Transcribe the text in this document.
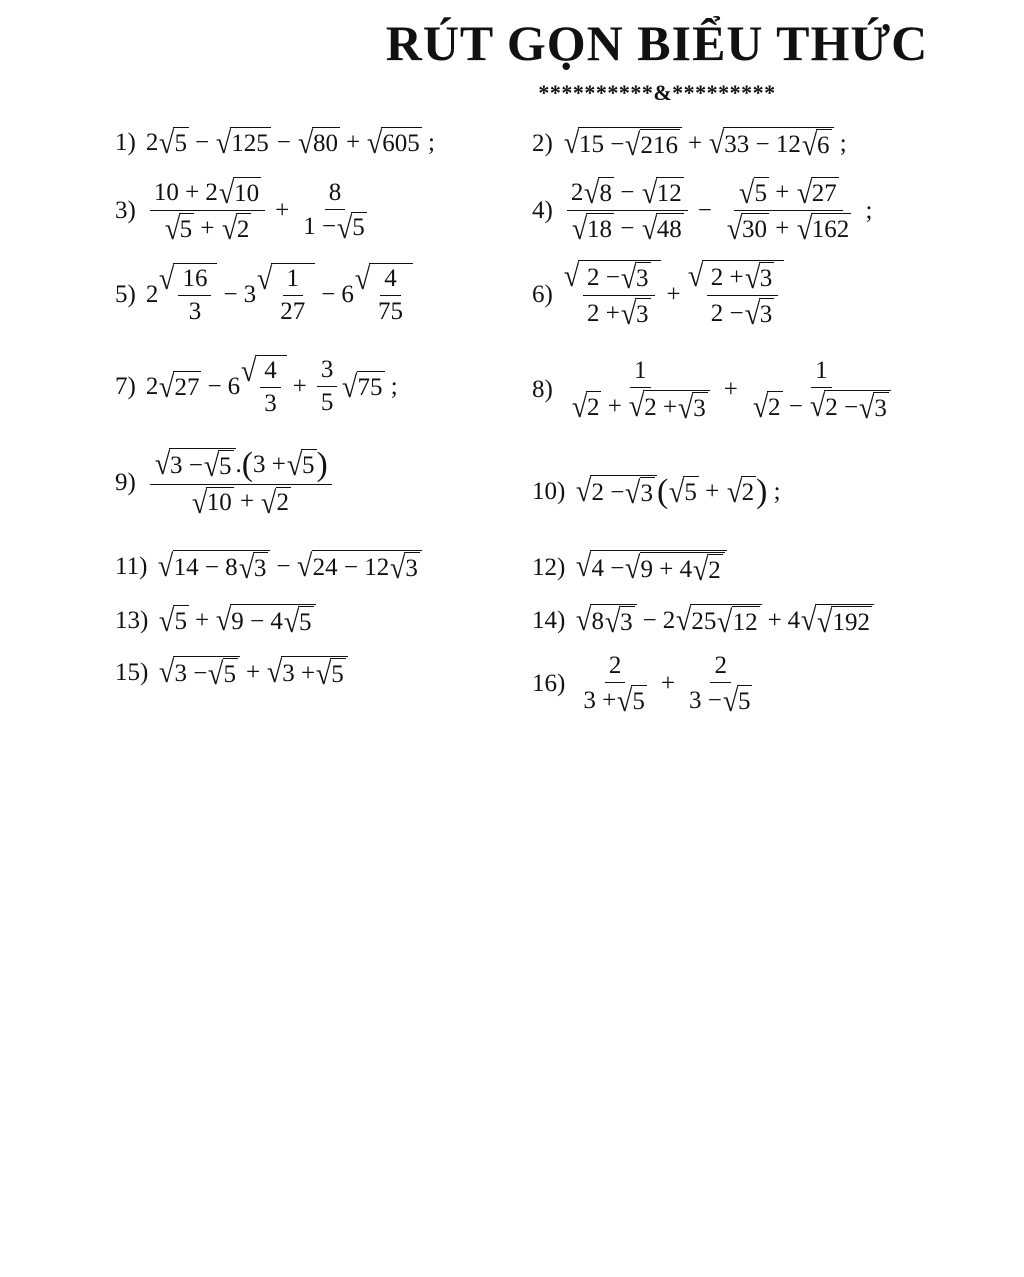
RÚT GỌN BIỂU THỨC
**********&*********
1) 2 √ 5 − √ 125 − √ 80 + √ 605 ;	2) √ 15 − √ 216 + √ 33 − 12 √ 6 ;
$3) \frac{10 + 2 √ 10}{√ 5 + √ 2} + \frac{8}{1 - √ 5}$	$4) \frac{2 √ 8 - √ 12}{√ 18 - √ 48} - \frac{√ 5 + √ 27}{√ 30 + √ 162}$ ;
5) 2 √ $\frac{16}{3} - 3$ √ $\frac{1}{27} - 6$ √ $\frac{4}{75}$	6)
√ $\frac{2 - √ 3}{2 + √ 3}$ +
√ $\frac{2 + √ 3}{2 - √ 3}$
7) 2 √ 27 − 6 √ $\frac{4}{3} + \frac{3}{5}$ √ 75 ;	$8) \frac{1}{√ 2 + √ 2 + √ 3} + \frac{1}{√ 2 - √ 2 - √ 3}$
$9) \frac{√ 3 - √ 5 . ( 3 + √ 5 )}{√ 10 + √ 2}$	10) √ 2 − √ 3 ( √ 5 + √ 2 ) ;
11) √ 14 − 8 √ 3 − √ 24 − 12 √ 3	12) √ 4 − √ 9 + 4 √ 2
13) √ 5 + √ 9 − 4 √ 5	14) √ 8 √ 3 − 2 √ 25 √ 12 + 4 √ √ 192
15) √ 3 − √ 5 + √ 3 + √ 5	$16) \frac{2}{3 + √ 5} + \frac{2}{3 - √ 5}$
